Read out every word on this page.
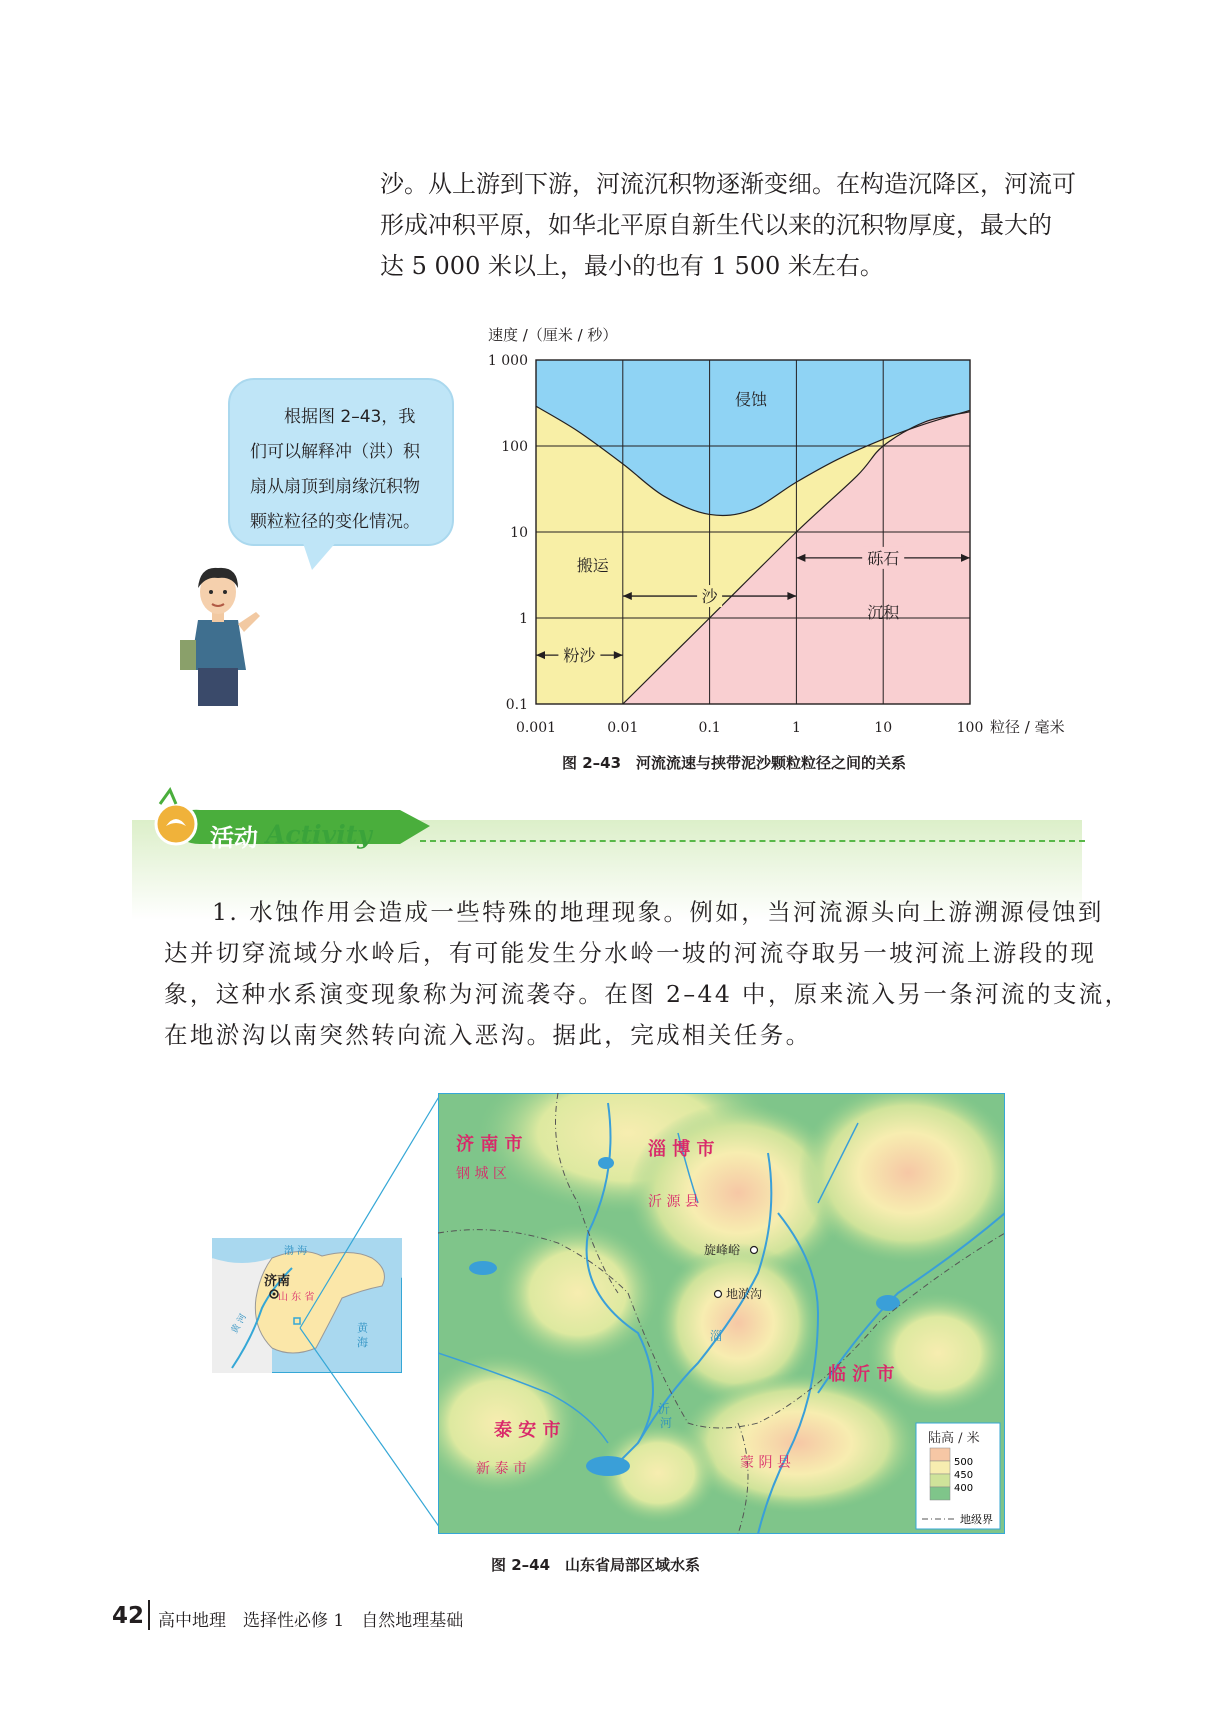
沙。从上游到下游，河流沉积物逐渐变细。在构造沉降区，河流可

形成冲积平原，如华北平原自新生代以来的沉积物厚度，最大的

达 5 000 米以上，最小的也有 1 500 米左右。

　　根据图 2–43，我

们可以解释冲（洪）积

扇从扇顶到扇缘沉积物

颗粒粒径的变化情况。

0.001	0.01	0.1	1	10	100
0.1
1
10
100
1 000
速度 /（厘米 / 秒）
粒径 / 毫米
侵蚀
搬运
沉积
粉沙
沙
砾石
图 2–43　河流流速与挟带泥沙颗粒粒径之间的关系
活动 Activity

1. 水蚀作用会造成一些特殊的地理现象。例如，当河流源头向上游溯源侵蚀到

达并切穿流域分水岭后，有可能发生分水岭一坡的河流夺取另一坡河流上游段的现

象，这种水系演变现象称为河流袭夺。在图 2–44 中，原来流入另一条河流的支流，

在地淤沟以南突然转向流入恶沟。据此，完成相关任务。

渤 海
济南
山 东 省
黄 河	黄 海
济 南 市	淄 博 市
临 沂 市
泰 安 市
钢 城 区
沂 源 县
新 泰 市	蒙 阴 县
旋峰峪
地淤沟
沂
河
淄
陆高 / 米
500
450
400
地级界
图 2–44　山东省局部区域水系
42 高中地理　选择性必修 1　自然地理基础
